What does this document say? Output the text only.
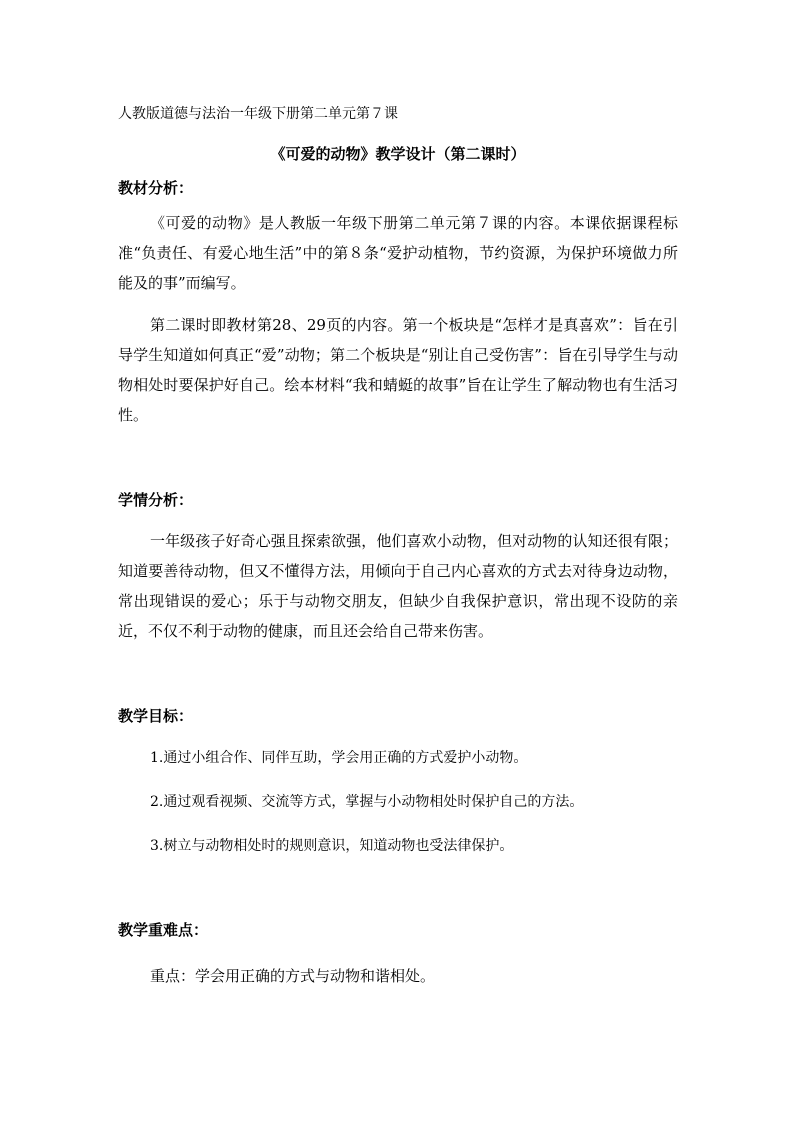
人教版道德与法治一年级下册第二单元第７课
《可爱的动物》教学设计（第二课时）
教材分析：

《可爱的动物》是人教版一年级下册第二单元第７课的内容。本课依据课程标准“负责任、有爱心地生活”中的第８条“爱护动植物，节约资源，为保护环境做力所能及的事”而编写。

第二课时即教材第28、29页的内容。第一个板块是“怎样才是真喜欢”：旨在引导学生知道如何真正“爱”动物；第二个板块是“别让自己受伤害”：旨在引导学生与动物相处时要保护好自己。绘本材料“我和蜻蜓的故事”旨在让学生了解动物也有生活习性。

学情分析：

一年级孩子好奇心强且探索欲强，他们喜欢小动物，但对动物的认知还很有限；知道要善待动物，但又不懂得方法，用倾向于自己内心喜欢的方式去对待身边动物，常出现错误的爱心；乐于与动物交朋友，但缺少自我保护意识，常出现不设防的亲近，不仅不利于动物的健康，而且还会给自己带来伤害。

教学目标：

1.通过小组合作、同伴互助，学会用正确的方式爱护小动物。

2.通过观看视频、交流等方式，掌握与小动物相处时保护自己的方法。

3.树立与动物相处时的规则意识，知道动物也受法律保护。

教学重难点：

重点：学会用正确的方式与动物和谐相处。
